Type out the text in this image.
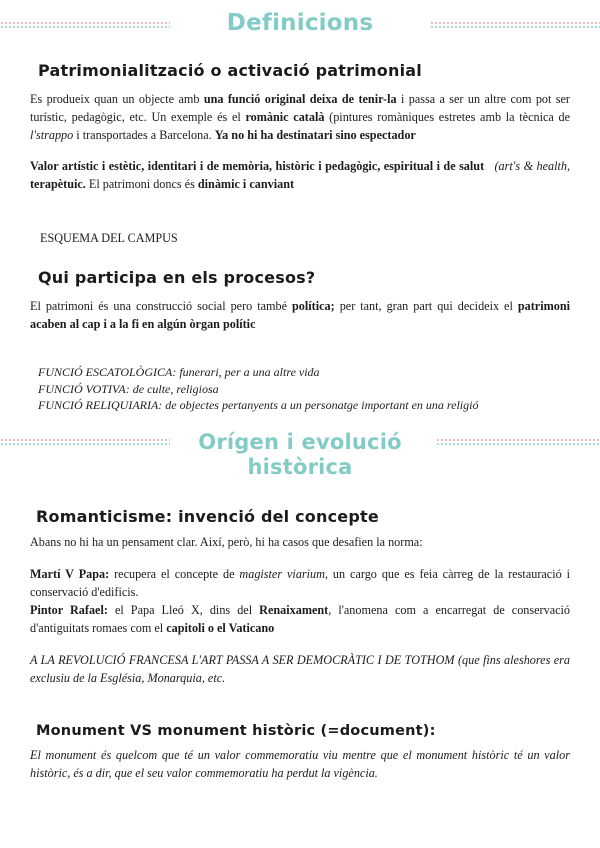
Definicions
Patrimonialització o activació patrimonial

Es produeix quan un objecte amb una funció original deixa de tenir-la i passa a ser un altre com pot ser turístic, pedagògic, etc. Un exemple és el romànic català (pintures romàniques estretes amb la tècnica de l'strappo i transportades a Barcelona. Ya no hi ha destinatari sino espectador

Valor artístic i estètic, identitari i de memòria, històric i pedagògic, espiritual i de salut (art's & health, terapètuic. El patrimoni doncs és dinàmic i canviant

ESQUEMA DEL CAMPUS

Qui participa en els procesos?

El patrimoni és una construcció social pero també política; per tant, gran part qui decideix el patrimoni acaben al cap i a la fi en algún òrgan polític

FUNCIÓ ESCATOLÒGICA: funerari, per a una altre vida
FUNCIÓ VOTIVA: de culte, religiosa
FUNCIÓ RELIQUIARIA: de objectes pertanyents a un personatge important en una religió
Orígen i evolució
històrica
Romanticisme: invenció del concepte

Abans no hi ha un pensament clar. Així, però, hi ha casos que desafien la norma:

Martí V Papa: recupera el concepte de magister viarium, un cargo que es feia càrreg de la restauració i conservació d'edificis.

Pintor Rafael: el Papa Lleó X, dins del Renaixament, l'anomena com a encarregat de conservació d'antiguitats romaes com el capitoli o el Vaticano

A LA REVOLUCIÓ FRANCESA L'ART PASSA A SER DEMOCRÀTIC I DE TOTHOM (que fins aleshores era exclusiu de la Església, Monarquia, etc.

Monument VS monument històric (=document):

El monument és quelcom que té un valor commemoratiu viu mentre que el monument històric té un valor històric, és a dir, que el seu valor commemoratiu ha perdut la vigència.
